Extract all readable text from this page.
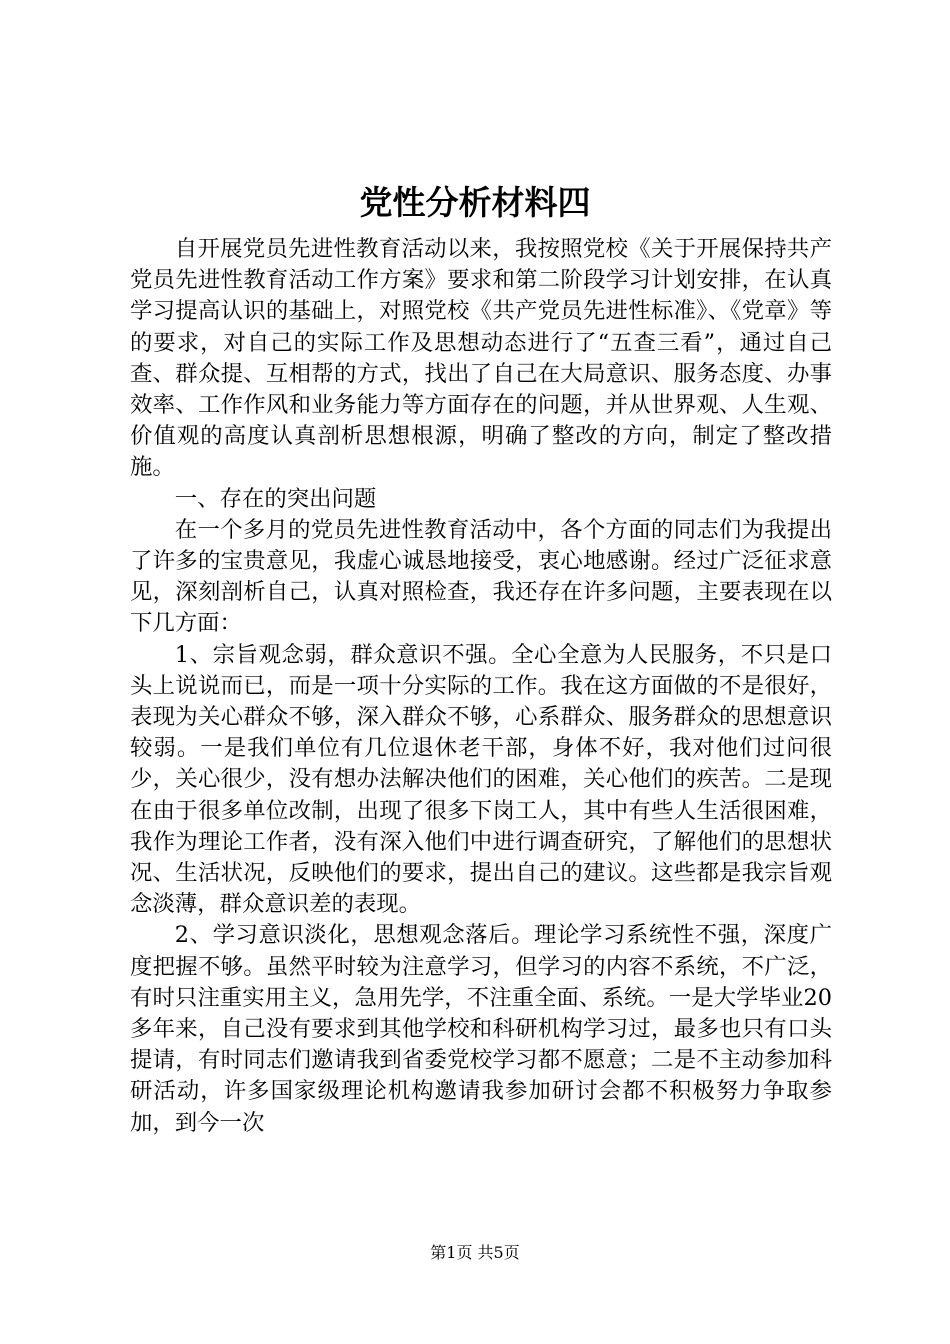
党性分析材料四

自开展党员先进性教育活动以来，我按照党校《关于开展保持共产党员先进性教育活动工作方案》要求和第二阶段学习计划安排，在认真学习提高认识的基础上，对照党校《共产党员先进性标准》、《党章》等的要求，对自己的实际工作及思想动态进行了“五查三看”，通过自己查、群众提、互相帮的方式，找出了自己在大局意识、服务态度、办事效率、工作作风和业务能力等方面存在的问题，并从世界观、人生观、价值观的高度认真剖析思想根源，明确了整改的方向，制定了整改措施。

一、存在的突出问题

在一个多月的党员先进性教育活动中，各个方面的同志们为我提出了许多的宝贵意见，我虚心诚恳地接受，衷心地感谢。经过广泛征求意见，深刻剖析自己，认真对照检查，我还存在许多问题，主要表现在以下几方面：

1、宗旨观念弱，群众意识不强。全心全意为人民服务，不只是口头上说说而已，而是一项十分实际的工作。我在这方面做的不是很好，表现为关心群众不够，深入群众不够，心系群众、服务群众的思想意识较弱。一是我们单位有几位退休老干部，身体不好，我对他们过问很少，关心很少，没有想办法解决他们的困难，关心他们的疾苦。二是现在由于很多单位改制，出现了很多下岗工人，其中有些人生活很困难，我作为理论工作者，没有深入他们中进行调查研究，了解他们的思想状况、生活状况，反映他们的要求，提出自己的建议。这些都是我宗旨观念淡薄，群众意识差的表现。

2、学习意识淡化，思想观念落后。理论学习系统性不强，深度广度把握不够。虽然平时较为注意学习，但学习的内容不系统，不广泛，有时只注重实用主义，急用先学，不注重全面、系统。一是大学毕业20多年来，自己没有要求到其他学校和科研机构学习过，最多也只有口头提请，有时同志们邀请我到省委党校学习都不愿意；二是不主动参加科研活动，许多国家级理论机构邀请我参加研讨会都不积极努力争取参加，到今一次

第1页 共5页
